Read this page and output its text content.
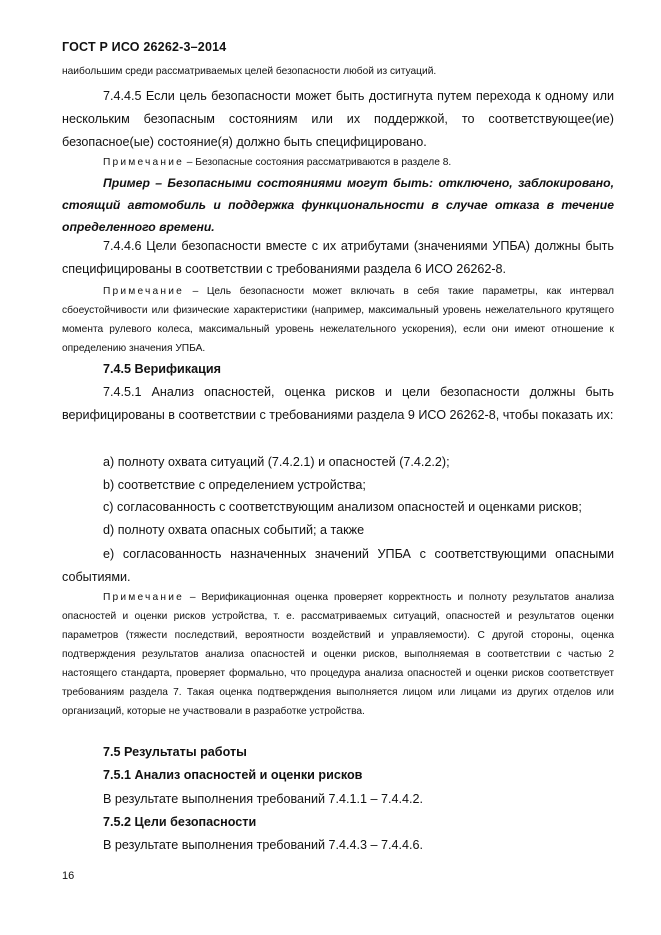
ГОСТ Р ИСО 26262-3–2014

наибольшим среди рассматриваемых целей безопасности любой из ситуаций.

7.4.4.5 Если цель безопасности может быть достигнута путем перехода к одному или нескольким безопасным состояниям или их поддержкой, то соответствующее(ие) безопасное(ые) состояние(я) должно быть специфицировано.

Примечание – Безопасные состояния рассматриваются в разделе 8.

Пример – Безопасными состояниями могут быть: отключено, заблокировано, стоящий автомобиль и поддержка функциональности в случае отказа в течение определенного времени.

7.4.4.6 Цели безопасности вместе с их атрибутами (значениями УПБА) должны быть специфицированы в соответствии с требованиями раздела 6 ИСО 26262-8.

Примечание – Цель безопасности может включать в себя такие параметры, как интервал сбоеустойчивости или физические характеристики (например, максимальный уровень нежелательного крутящего момента рулевого колеса, максимальный уровень нежелательного ускорения), если они имеют отношение к определению значения УПБА.

7.4.5 Верификация

7.4.5.1 Анализ опасностей, оценка рисков и цели безопасности должны быть верифицированы в соответствии с требованиями раздела 9 ИСО 26262-8, чтобы показать их:

а) полноту охвата ситуаций (7.4.2.1) и опасностей (7.4.2.2);

b) соответствие с определением устройства;

c) согласованность с соответствующим анализом опасностей и оценками рисков;

d) полноту охвата опасных событий; а также

e) согласованность назначенных значений УПБА с соответствующими опасными событиями.

Примечание – Верификационная оценка проверяет корректность и полноту результатов анализа опасностей и оценки рисков устройства, т. е. рассматриваемых ситуаций, опасностей и результатов оценки параметров (тяжести последствий, вероятности воздействий и управляемости). С другой стороны, оценка подтверждения результатов анализа опасностей и оценки рисков, выполняемая в соответствии с частью 2 настоящего стандарта, проверяет формально, что процедура анализа опасностей и оценки рисков соответствует требованиям раздела 7. Такая оценка подтверждения выполняется лицом или лицами из других отделов или организаций, которые не участвовали в разработке устройства.

7.5 Результаты работы

7.5.1 Анализ опасностей и оценки рисков

В результате выполнения требований 7.4.1.1 – 7.4.4.2.

7.5.2 Цели безопасности

В результате выполнения требований 7.4.4.3 – 7.4.4.6.

16
